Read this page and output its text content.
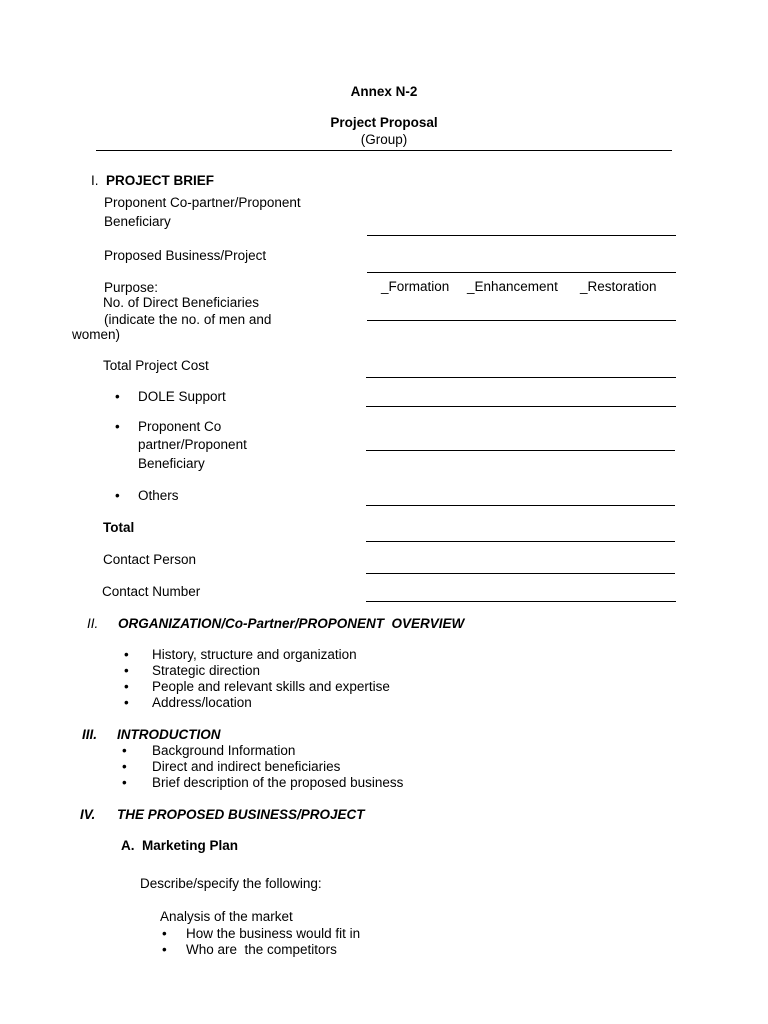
Annex N-2
Project Proposal
(Group)
I. PROJECT BRIEF
Proponent Co-partner/Proponent
Beneficiary
Proposed Business/Project
Purpose:	_Formation _Enhancement _Restoration
No. of Direct Beneficiaries
(indicate the no. of men and
women)
Total Project Cost
• DOLE Support
• Proponent Co
partner/Proponent
Beneficiary
• Others
Total
Contact Person
Contact Number
II. ORGANIZATION/Co-Partner/PROPONENT  OVERVIEW
• History, structure and organization
• Strategic direction
• People and relevant skills and expertise
• Address/location
III. INTRODUCTION
• Background Information
• Direct and indirect beneficiaries
• Brief description of the proposed business
IV. THE PROPOSED BUSINESS/PROJECT
A.  Marketing Plan
Describe/specify the following:
Analysis of the market
• How the business would fit in
• Who are  the competitors
